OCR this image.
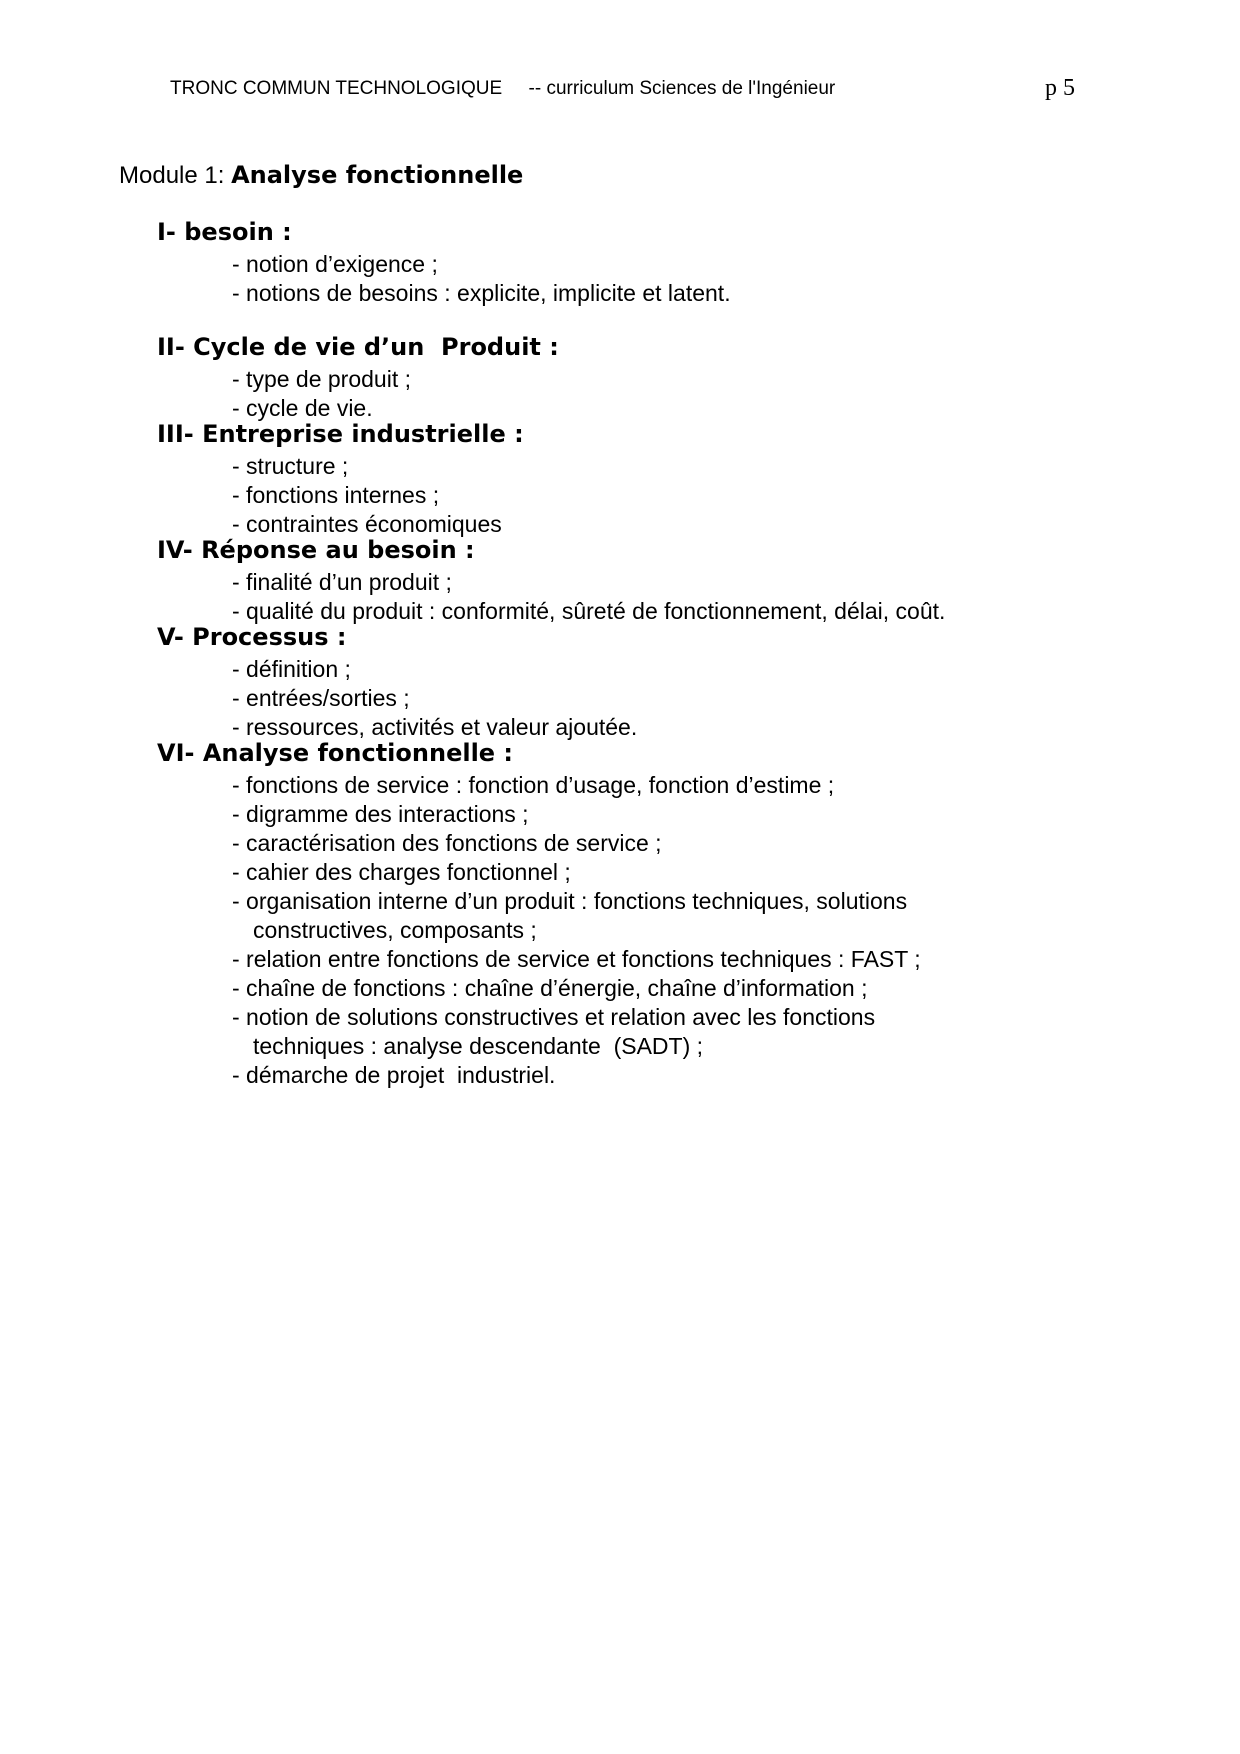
TRONC COMMUN TECHNOLOGIQUE     -- curriculum Sciences de l'Ingénieur	p 5
Module 1: Analyse fonctionnelle
I- besoin :
- notion d’exigence ;
- notions de besoins : explicite, implicite et latent.
II- Cycle de vie d’un  Produit :
- type de produit ;
- cycle de vie.
III- Entreprise industrielle :
- structure ;
- fonctions internes ;
- contraintes économiques
IV- Réponse au besoin :
- finalité d’un produit ;
- qualité du produit : conformité, sûreté de fonctionnement, délai, coût.
V- Processus :
- définition ;
- entrées/sorties ;
- ressources, activités et valeur ajoutée.
VI- Analyse fonctionnelle :
- fonctions de service : fonction d’usage, fonction d’estime ;
- digramme des interactions ;
- caractérisation des fonctions de service ;
- cahier des charges fonctionnel ;
- organisation interne d’un produit : fonctions techniques, solutions
constructives, composants ;
- relation entre fonctions de service et fonctions techniques : FAST ;
- chaîne de fonctions : chaîne d’énergie, chaîne d’information ;
- notion de solutions constructives et relation avec les fonctions
techniques : analyse descendante  (SADT) ;
- démarche de projet  industriel.
